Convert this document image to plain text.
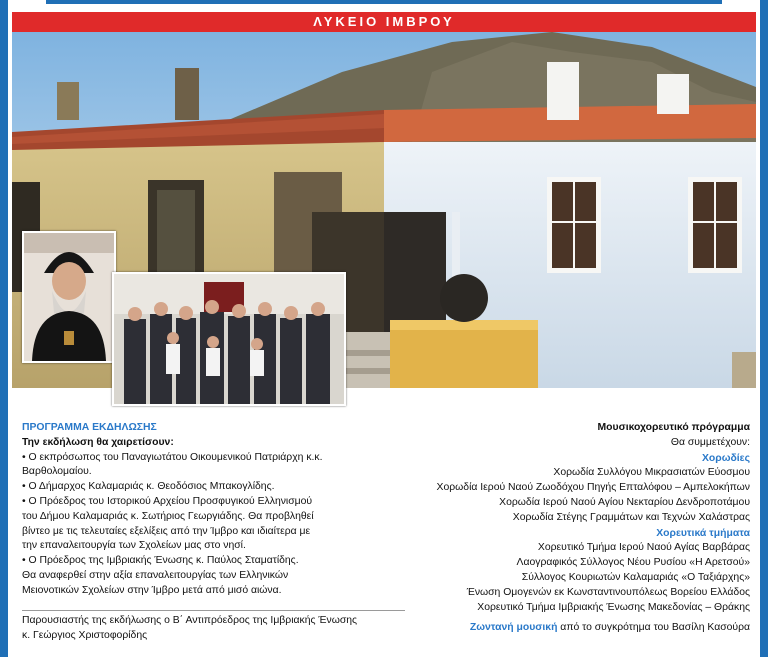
ΛΥΚΕΙΟ ΙΜΒΡΟΥ
ΠΡΟΓΡΑΜΜΑ ΕΚΔΗΛΩΣΗΣ
Την εκδήλωση θα χαιρετίσουν:
• Ο εκπρόσωπος του Παναγιωτάτου Οικουμενικού Πατριάρχη κ.κ.
Βαρθολομαίου.
• Ο Δήμαρχος Καλαμαριάς κ. Θεοδόσιος Μπακογλίδης.
• Ο Πρόεδρος του Ιστορικού Αρχείου Προσφυγικού Ελληνισμού
του Δήμου Καλαμαριάς κ. Σωτήριος Γεωργιάδης. Θα προβληθεί
βίντεο με τις τελευταίες εξελίξεις από την Ίμβρο και ιδιαίτερα με
την επαναλειτουργία των Σχολείων μας στο νησί.
• Ο Πρόεδρος της Ιμβριακής Ένωσης κ. Παύλος Σταματίδης.
Θα αναφερθεί στην αξία επαναλειτουργίας των Ελληνικών
Μειονοτικών Σχολείων στην Ίμβρο μετά από μισό αιώνα.
Παρουσιαστής της εκδήλωσης ο Β΄ Αντιπρόεδρος της Ιμβριακής Ένωσης
κ. Γεώργιος Χριστοφορίδης
Μουσικοχορευτικό πρόγραμμα
Θα συμμετέχουν:
Χορωδίες
Χορωδία Συλλόγου Μικρασιατών Εύοσμου
Χορωδία Ιερού Ναού Ζωοδόχου Πηγής Επταλόφου – Αμπελοκήπων
Χορωδία Ιερού Ναού Αγίου Νεκταρίου Δενδροποτάμου
Χορωδία Στέγης Γραμμάτων και Τεχνών Χαλάστρας
Χορευτικά τμήματα
Χορευτικό Τμήμα Ιερού Ναού Αγίας Βαρβάρας
Λαογραφικός Σύλλογος Νέου Ρυσίου «Η Αρετσού»
Σύλλογος Κουριωτών Καλαμαριάς «Ο Ταξιάρχης»
Ένωση Ομογενών εκ Κωνσταντινουπόλεως Βορείου Ελλάδος
Χορευτικό Τμήμα Ιμβριακής Ένωσης Μακεδονίας – Θράκης
Ζωντανή μουσική από το συγκρότημα του Βασίλη Κασούρα
